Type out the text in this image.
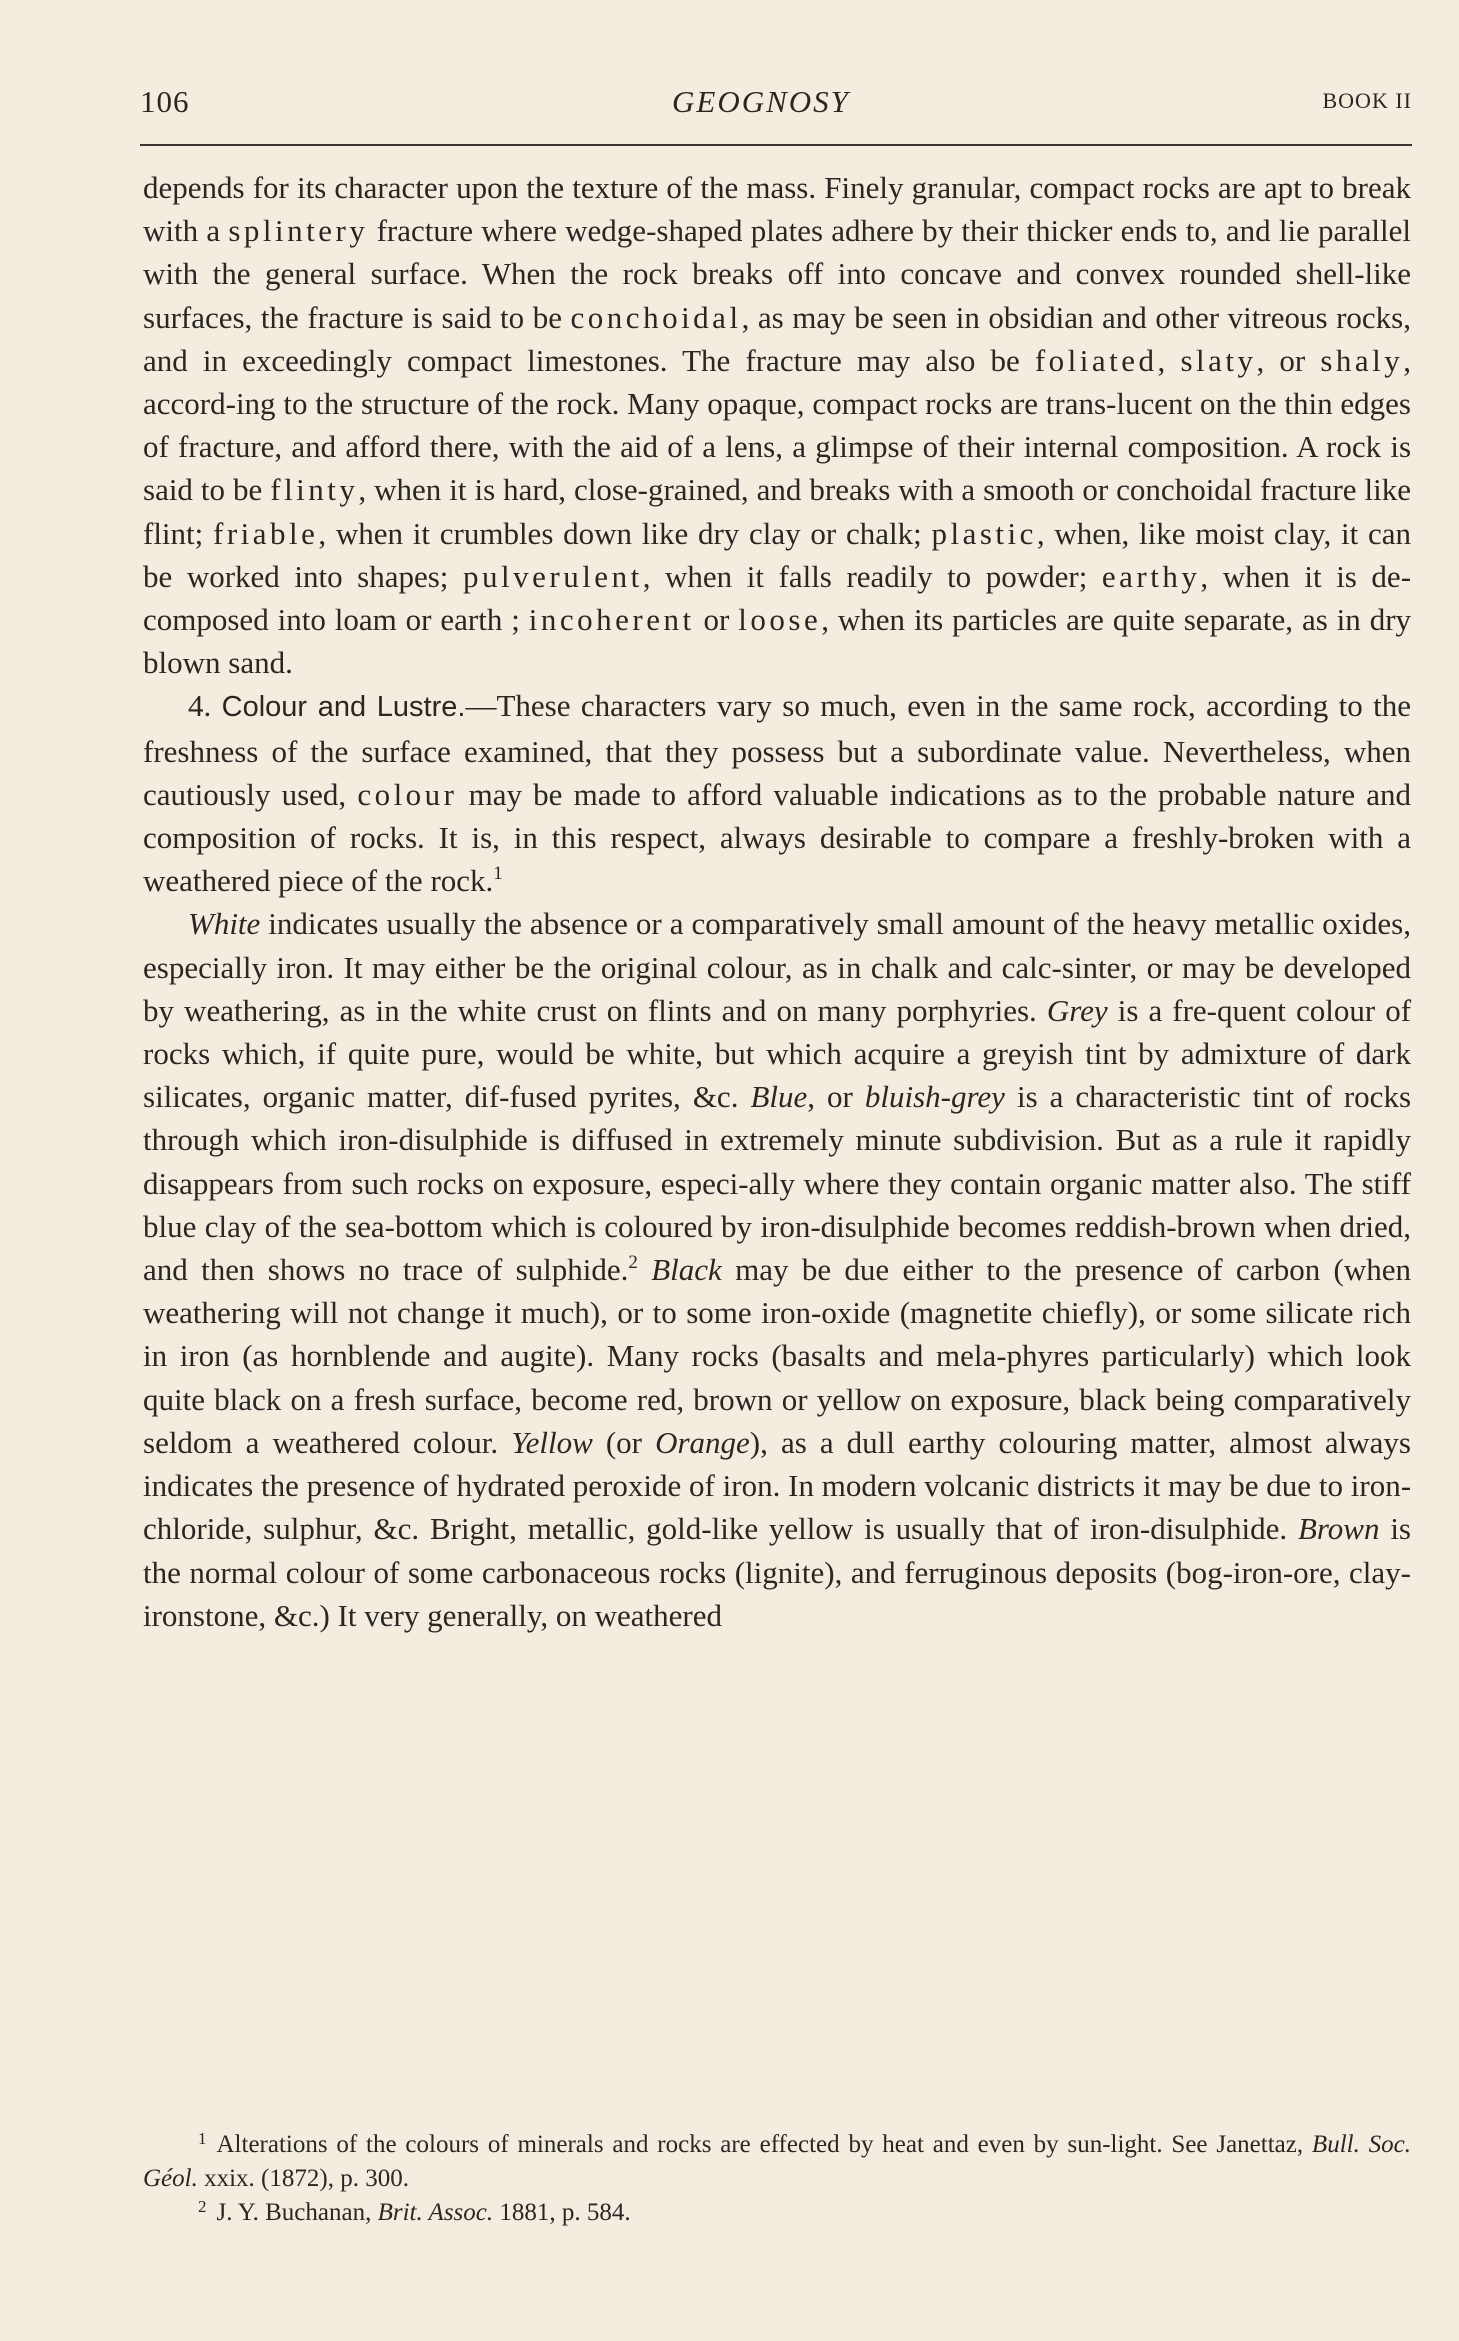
106	GEOGNOSY	BOOK II

depends for its character upon the texture of the mass. Finely granular, compact rocks are apt to break with a splintery fracture where wedge-shaped plates adhere by their thicker ends to, and lie parallel with the general surface. When the rock breaks off into concave and convex rounded shell-like surfaces, the fracture is said to be conchoidal, as may be seen in obsidian and other vitreous rocks, and in exceedingly compact limestones. The fracture may also be foliated, slaty, or shaly, accord-ing to the structure of the rock. Many opaque, compact rocks are trans-lucent on the thin edges of fracture, and afford there, with the aid of a lens, a glimpse of their internal composition. A rock is said to be flinty, when it is hard, close-grained, and breaks with a smooth or conchoidal fracture like flint; friable, when it crumbles down like dry clay or chalk; plastic, when, like moist clay, it can be worked into shapes; pulverulent, when it falls readily to powder; earthy, when it is de-composed into loam or earth ; incoherent or loose, when its particles are quite separate, as in dry blown sand.

4. Colour and Lustre.—These characters vary so much, even in the same rock, according to the freshness of the surface examined, that they possess but a subordinate value. Nevertheless, when cautiously used, colour may be made to afford valuable indications as to the probable nature and composition of rocks. It is, in this respect, always desirable to compare a freshly-broken with a weathered piece of the rock.$^1$

White indicates usually the absence or a comparatively small amount of the heavy metallic oxides, especially iron. It may either be the original colour, as in chalk and calc-sinter, or may be developed by weathering, as in the white crust on flints and on many porphyries. Grey is a fre-quent colour of rocks which, if quite pure, would be white, but which acquire a greyish tint by admixture of dark silicates, organic matter, dif-fused pyrites, &c. Blue, or bluish-grey is a characteristic tint of rocks through which iron-disulphide is diffused in extremely minute subdivision. But as a rule it rapidly disappears from such rocks on exposure, especi-ally where they contain organic matter also. The stiff blue clay of the sea-bottom which is coloured by iron-disulphide becomes reddish-brown when dried, and then shows no trace of sulphide.$^2$ Black may be due either to the presence of carbon (when weathering will not change it much), or to some iron-oxide (magnetite chiefly), or some silicate rich in iron (as hornblende and augite). Many rocks (basalts and mela-phyres particularly) which look quite black on a fresh surface, become red, brown or yellow on exposure, black being comparatively seldom a weathered colour. Yellow (or Orange), as a dull earthy colouring matter, almost always indicates the presence of hydrated peroxide of iron. In modern volcanic districts it may be due to iron-chloride, sulphur, &c. Bright, metallic, gold-like yellow is usually that of iron-disulphide. Brown is the normal colour of some carbonaceous rocks (lignite), and ferruginous deposits (bog-iron-ore, clay-ironstone, &c.) It very generally, on weathered

$^1$ Alterations of the colours of minerals and rocks are effected by heat and even by sun-light. See Janettaz, Bull. Soc. Géol. xxix. (1872), p. 300.

$^2$ J. Y. Buchanan, Brit. Assoc. 1881, p. 584.
